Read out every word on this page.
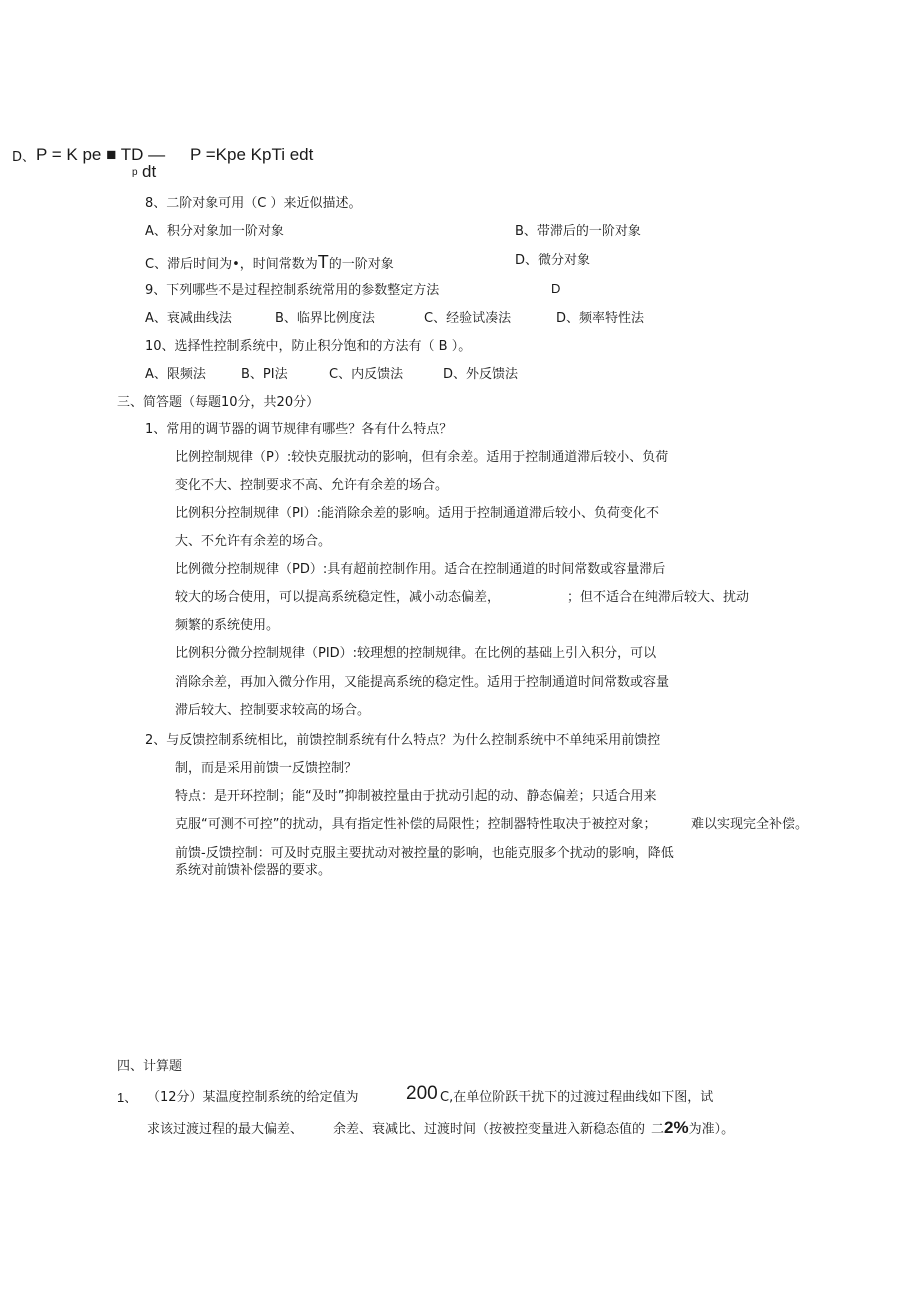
D、 P = K pe ■ TD —
p dt
P =Kpe KpTi edt
8、二阶对象可用（C ）来近似描述。
A、积分对象加一阶对象	B、带滞后的一阶对象
C、滞后时间为•，时间常数为T的一阶对象	D、微分对象
9、下列哪些不是过程控制系统常用的参数整定方法	D
A、衰减曲线法	B、临界比例度法	C、经验试凑法	D、频率特性法
10、选择性控制系统中，防止积分饱和的方法有（ B ）。
A、限频法	B、PI法	C、内反馈法	D、外反馈法
三、简答题（每题10分，共20分）
1、常用的调节器的调节规律有哪些？各有什么特点？
比例控制规律（P）:较快克服扰动的影响，但有余差。适用于控制通道滞后较小、负荷
变化不大、控制要求不高、允许有余差的场合。
比例积分控制规律（PI）:能消除余差的影响。适用于控制通道滞后较小、负荷变化不
大、不允许有余差的场合。
比例微分控制规律（PD）:具有超前控制作用。适合在控制通道的时间常数或容量滞后
较大的场合使用，可以提高系统稳定性，减小动态偏差，	；但不适合在纯滞后较大、扰动
频繁的系统使用。
比例积分微分控制规律（PID）:较理想的控制规律。在比例的基础上引入积分，可以
消除余差，再加入微分作用，又能提高系统的稳定性。适用于控制通道时间常数或容量
滞后较大、控制要求较高的场合。
2、与反馈控制系统相比，前馈控制系统有什么特点？为什么控制系统中不单纯采用前馈控
制，而是采用前馈一反馈控制？
特点：是开环控制；能“及时”抑制被控量由于扰动引起的动、静态偏差；只适合用来
克服“可测不可控”的扰动，具有指定性补偿的局限性；控制器特性取决于被控对象；	难以实现完全补偿。
前馈-反馈控制：可及时克服主要扰动对被控量的影响，也能克服多个扰动的影响，降低
系统对前馈补偿器的要求。
四、计算题
1、 （12分）某温度控制系统的给定值为 200 C,在单位阶跃干扰下的过渡过程曲线如下图，试
求该过渡过程的最大偏差、 余差、衰减比、过渡时间（按被控变量进入新稳态值的 二2%为准）。
